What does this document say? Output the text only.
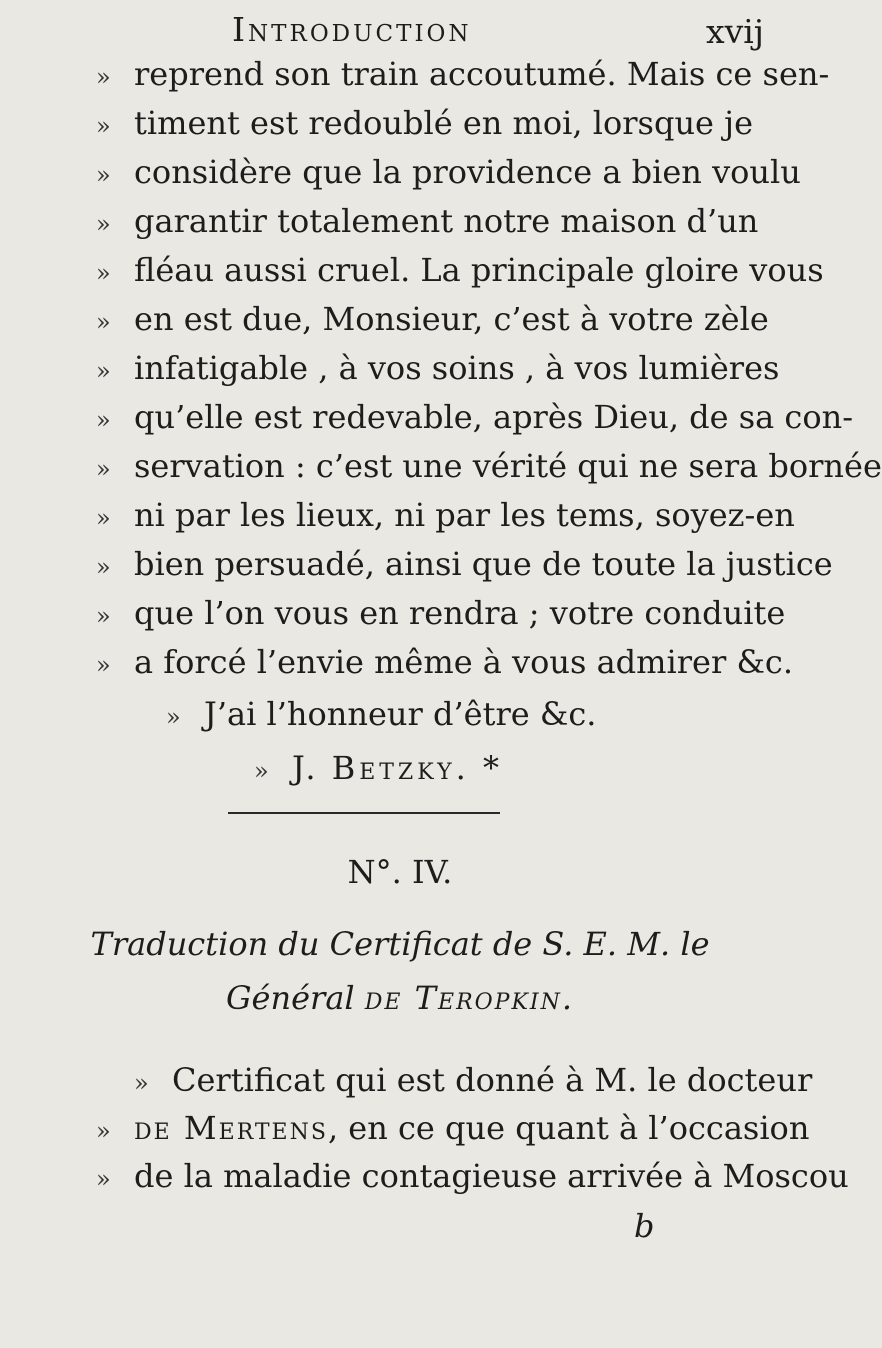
Introduction	xvij
» reprend son train accoutumé. Mais ce sen-
» timent est redoublé en moi, lorsque je
» considère que la providence a bien voulu
» garantir totalement notre maison d’un
» fléau aussi cruel. La principale gloire vous
» en est due, Monsieur, c’est à votre zèle
» infatigable , à vos soins , à vos lumières
» qu’elle est redevable, après Dieu, de sa con-
» servation : c’est une vérité qui ne sera bornée
» ni par les lieux, ni par les tems, soyez-en
» bien persuadé, ainsi que de toute la justice
» que l’on vous en rendra ; votre conduite
» a forcé l’envie même à vous admirer &c.
» J’ai l’honneur d’être &c.
» J. Betzky. *
N°. IV.
Traduction du Certificat de S. E. M. le
Général de Teropkin.
» Certificat qui est donné à M. le docteur
» de Mertens, en ce que quant à l’occasion
» de la maladie contagieuse arrivée à Moscou
b
